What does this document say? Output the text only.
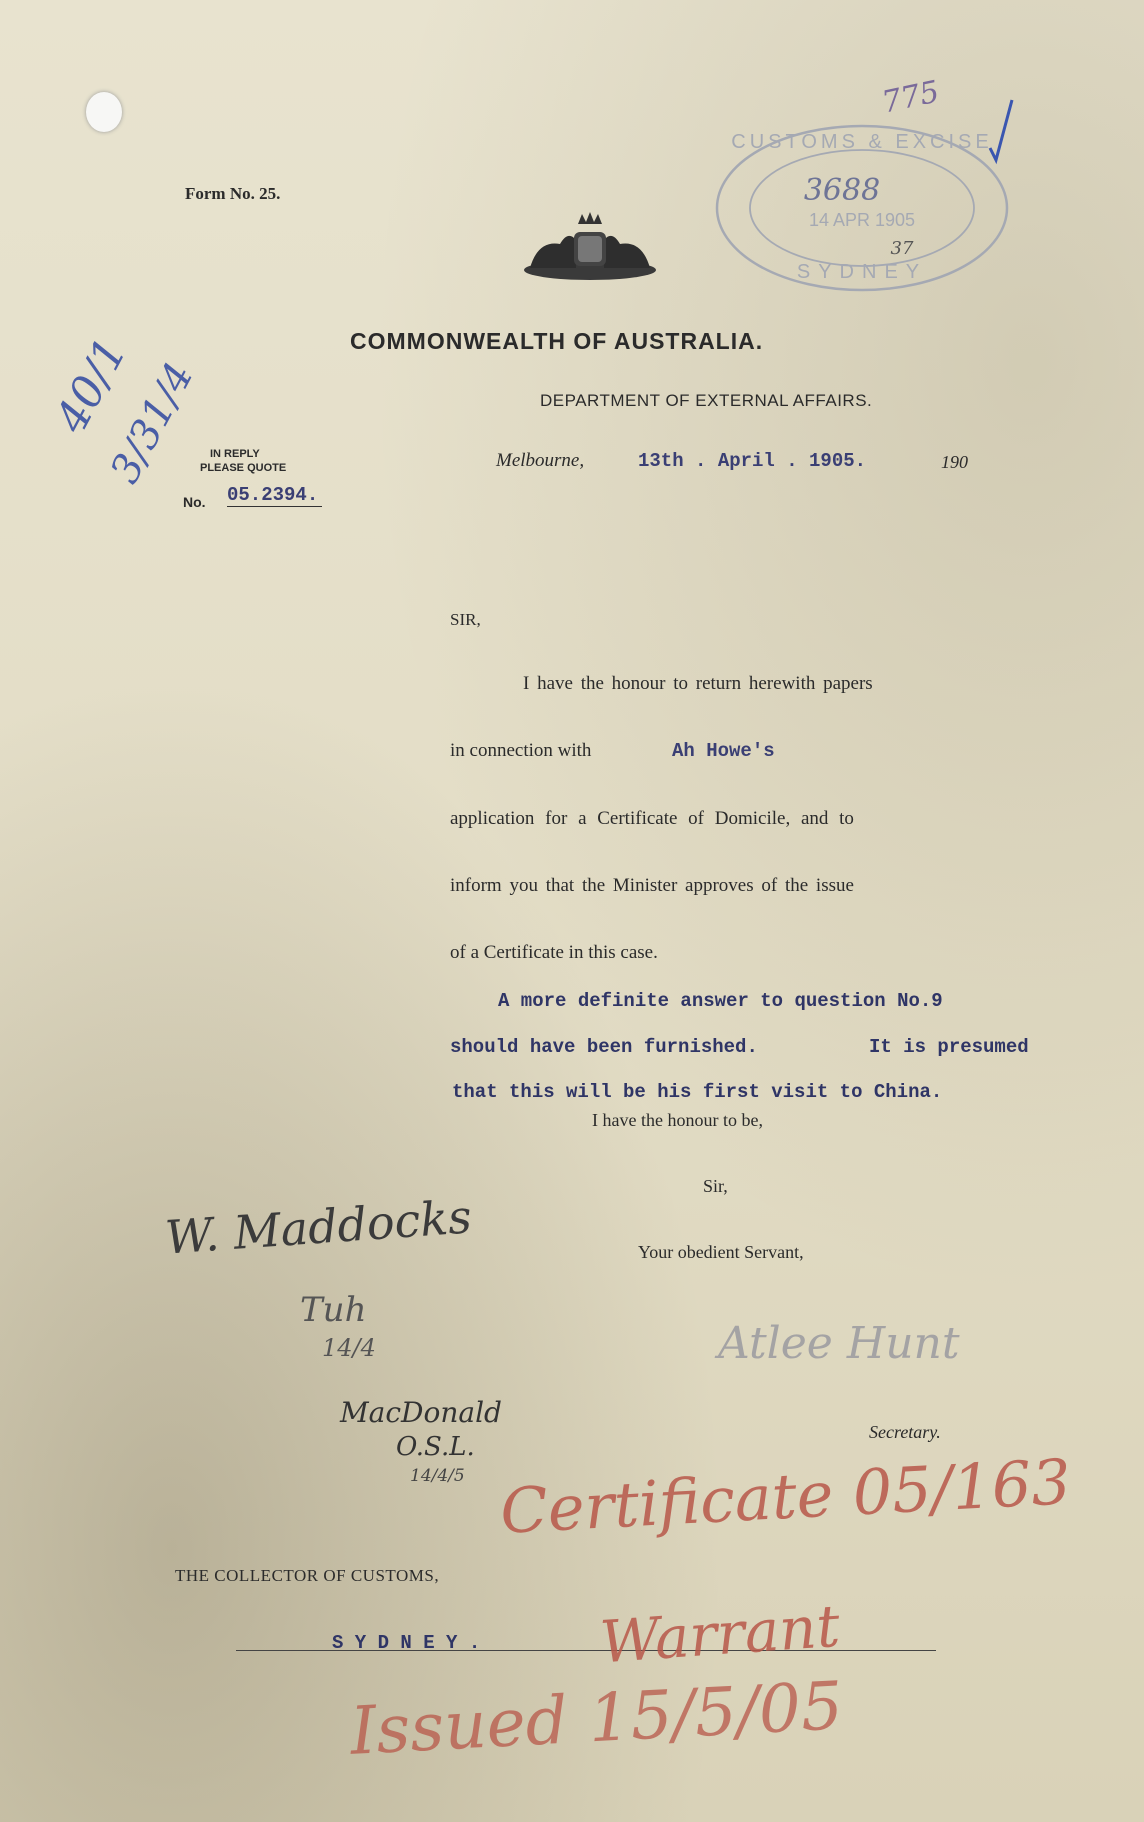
Form No. 25.
CUSTOMS & EXCISE
3688
14 APR 1905
37
SYDNEY
775
40/1
3/31/4
COMMONWEALTH OF AUSTRALIA.
DEPARTMENT OF EXTERNAL AFFAIRS.
IN REPLY
PLEASE QUOTE
No. 05.2394.
Melbourne,	13th . April . 1905.	190
SIR,
I have the honour to return herewith papers
in connection with	Ah Howe's
application for a Certificate of Domicile, and to
inform you that the Minister approves of the issue
of a Certificate in this case.
A more definite answer to question No.9
should have been furnished.	It is presumed
that this will be his first visit to China.
I have the honour to be,
Sir,
Your obedient Servant,
Atlee Hunt
Secretary.
W. Maddocks
Tuh
14/4
MacDonald
O.S.L.
14/4/5 Certificate 05/163
THE COLLECTOR OF CUSTOMS,
S Y D N E Y . Warrant
Issued 15/5/05
